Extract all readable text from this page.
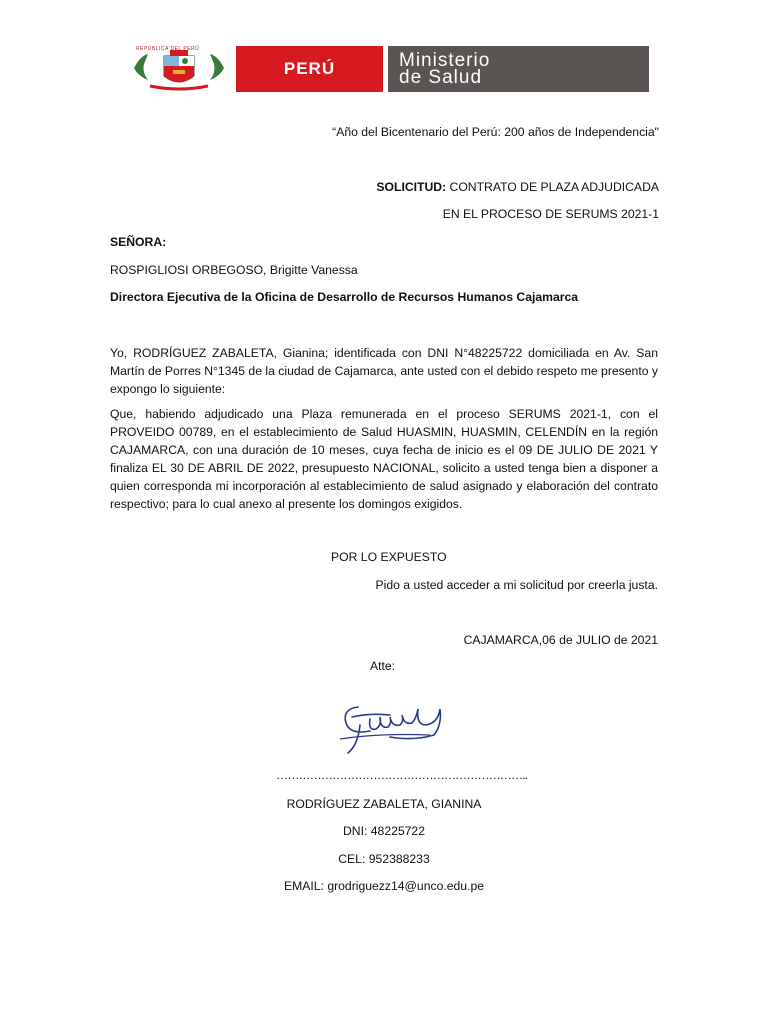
REPÚBLICA DEL PERÚ
PERÚ	Ministerio
de Salud
“Año del Bicentenario del Perú: 200 años de Independencia"
SOLICITUD: CONTRATO DE PLAZA ADJUDICADA
EN EL PROCESO DE SERUMS 2021-1
SEÑORA:
ROSPIGLIOSI ORBEGOSO, Brigitte Vanessa
Directora Ejecutiva de la Oficina de Desarrollo de Recursos Humanos Cajamarca
Yo, RODRÍGUEZ ZABALETA, Gianina; identificada con DNI N°48225722 domiciliada en Av. San Martín de Porres N°1345 de la ciudad de Cajamarca, ante usted con el debido respeto me presento y expongo lo siguiente:
Que, habiendo adjudicado una Plaza remunerada en el proceso SERUMS 2021-1, con el PROVEIDO 00789, en el establecimiento de Salud HUASMIN, HUASMIN, CELENDÍN en la región CAJAMARCA, con una duración de 10 meses, cuya fecha de inicio es el 09 DE JULIO DE 2021 Y finaliza EL 30 DE ABRIL DE 2022, presupuesto NACIONAL, solicito a usted tenga bien a disponer a quien corresponda mi incorporación al establecimiento de salud asignado y elaboración del contrato respectivo; para lo cual anexo al presente los domingos exigidos.
POR LO EXPUESTO
Pido a usted acceder a mi solicitud por creerla justa.
CAJAMARCA,06 de JULIO de 2021
Atte:
…………………………………………………………..
RODRÍGUEZ ZABALETA, GIANINA
DNI: 48225722
CEL: 952388233
EMAIL: grodriguezz14@unco.edu.pe
